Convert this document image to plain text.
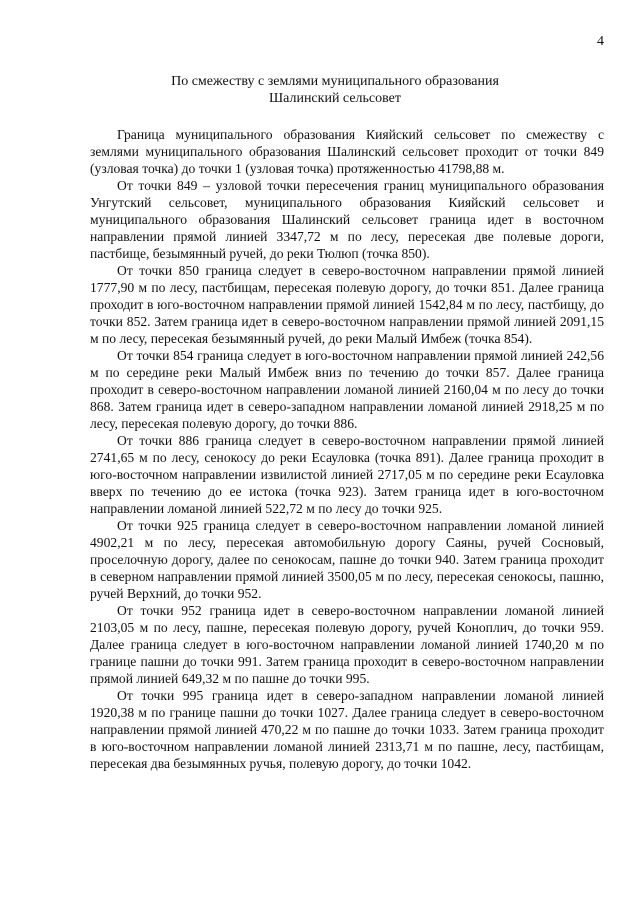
4
По смежеству с землями муниципального образования
Шалинский сельсовет

Граница муниципального образования Кияйский сельсовет по смежеству с землями муниципального образования Шалинский сельсовет проходит от точки 849 (узловая точка) до точки 1 (узловая точка) протяженностью 41798,88 м.

От точки 849 – узловой точки пересечения границ муниципального образования Унгутский сельсовет, муниципального образования Кияйский сельсовет и муниципального образования Шалинский сельсовет граница идет в восточном направлении прямой линией 3347,72 м по лесу, пересекая две полевые дороги, пастбище, безымянный ручей, до реки Тюлюп (точка 850).

От точки 850 граница следует в северо-восточном направлении прямой линией 1777,90 м по лесу, пастбищам, пересекая полевую дорогу, до точки 851. Далее граница проходит в юго-восточном направлении прямой линией 1542,84 м по лесу, пастбищу, до точки 852. Затем граница идет в северо-восточном направлении прямой линией 2091,15 м по лесу, пересекая безымянный ручей, до реки Малый Имбеж (точка 854).

От точки 854 граница следует в юго-восточном направлении прямой линией 242,56 м по середине реки Малый Имбеж вниз по течению до точки 857. Далее граница проходит в северо-восточном направлении ломаной линией 2160,04 м по лесу до точки 868. Затем граница идет в северо-западном направлении ломаной линией 2918,25 м по лесу, пересекая полевую дорогу, до точки 886.

От точки 886 граница следует в северо-восточном направлении прямой линией 2741,65 м по лесу, сенокосу до реки Есауловка (точка 891). Далее граница проходит в юго-восточном направлении извилистой линией 2717,05 м по середине реки Есауловка вверх по течению до ее истока (точка 923). Затем граница идет в юго-восточном направлении ломаной линией 522,72 м по лесу до точки 925.

От точки 925 граница следует в северо-восточном направлении ломаной линией 4902,21 м по лесу, пересекая автомобильную дорогу Саяны, ручей Сосновый, проселочную дорогу, далее по сенокосам, пашне до точки 940. Затем граница проходит в северном направлении прямой линией 3500,05 м по лесу, пересекая сенокосы, пашню, ручей Верхний, до точки 952.

От точки 952 граница идет в северо-восточном направлении ломаной линией 2103,05 м по лесу, пашне, пересекая полевую дорогу, ручей Коноплич, до точки 959. Далее граница следует в юго-восточном направлении ломаной линией 1740,20 м по границе пашни до точки 991. Затем граница проходит в северо-восточном направлении прямой линией 649,32 м по пашне до точки 995.

От точки 995 граница идет в северо-западном направлении ломаной линией 1920,38 м по границе пашни до точки 1027. Далее граница следует в северо-восточном направлении прямой линией 470,22 м по пашне до точки 1033. Затем граница проходит в юго-восточном направлении ломаной линией 2313,71 м по пашне, лесу, пастбищам, пересекая два безымянных ручья, полевую дорогу, до точки 1042.
